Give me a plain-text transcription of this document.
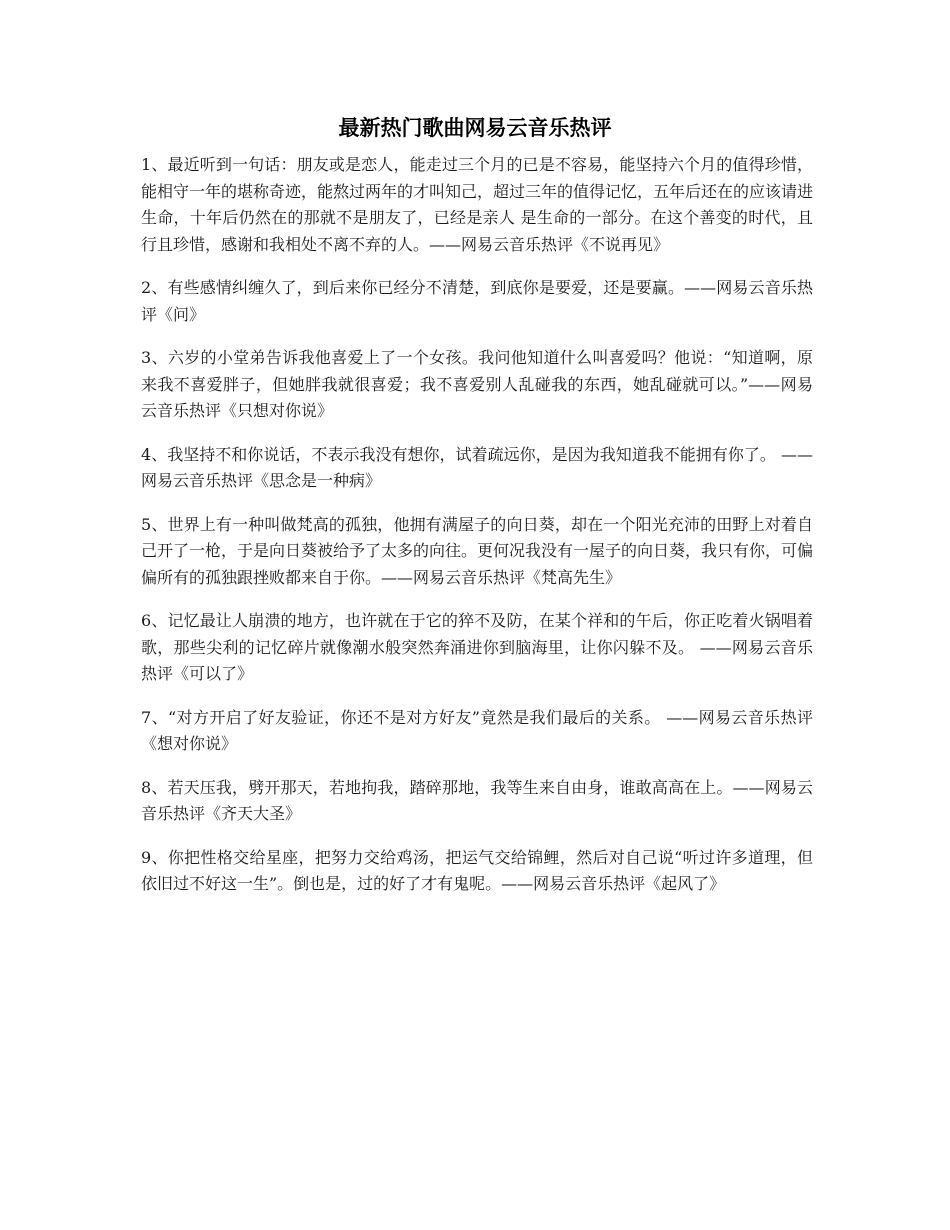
最新热门歌曲网易云音乐热评

1、最近听到一句话：朋友或是恋人，能走过三个月的已是不容易，能坚持六个月的值得珍惜，能相守一年的堪称奇迹，能熬过两年的才叫知己，超过三年的值得记忆，五年后还在的应该请进生命，十年后仍然在的那就不是朋友了，已经是亲人 是生命的一部分。在这个善变的时代，且行且珍惜，感谢和我相处不离不弃的人。——网易云音乐热评《不说再见》

2、有些感情纠缠久了，到后来你已经分不清楚，到底你是要爱，还是要赢。——网易云音乐热评《问》

3、六岁的小堂弟告诉我他喜爱上了一个女孩。我问他知道什么叫喜爱吗？他说：“知道啊，原来我不喜爱胖子，但她胖我就很喜爱；我不喜爱别人乱碰我的东西，她乱碰就可以。”——网易云音乐热评《只想对你说》

4、我坚持不和你说话，不表示我没有想你，试着疏远你，是因为我知道我不能拥有你了。 ——网易云音乐热评《思念是一种病》

5、世界上有一种叫做梵高的孤独，他拥有满屋子的向日葵，却在一个阳光充沛的田野上对着自己开了一枪，于是向日葵被给予了太多的向往。更何况我没有一屋子的向日葵，我只有你，可偏偏所有的孤独跟挫败都来自于你。——网易云音乐热评《梵高先生》

6、记忆最让人崩溃的地方，也许就在于它的猝不及防，在某个祥和的午后，你正吃着火锅唱着歌，那些尖利的记忆碎片就像潮水般突然奔涌进你到脑海里，让你闪躲不及。 ——网易云音乐热评《可以了》

7、“对方开启了好友验证，你还不是对方好友”竟然是我们最后的关系。 ——网易云音乐热评《想对你说》

8、若天压我，劈开那天，若地拘我，踏碎那地，我等生来自由身，谁敢高高在上。——网易云音乐热评《齐天大圣》

9、你把性格交给星座，把努力交给鸡汤，把运气交给锦鲤，然后对自己说“听过许多道理，但依旧过不好这一生”。倒也是，过的好了才有鬼呢。——网易云音乐热评《起风了》
